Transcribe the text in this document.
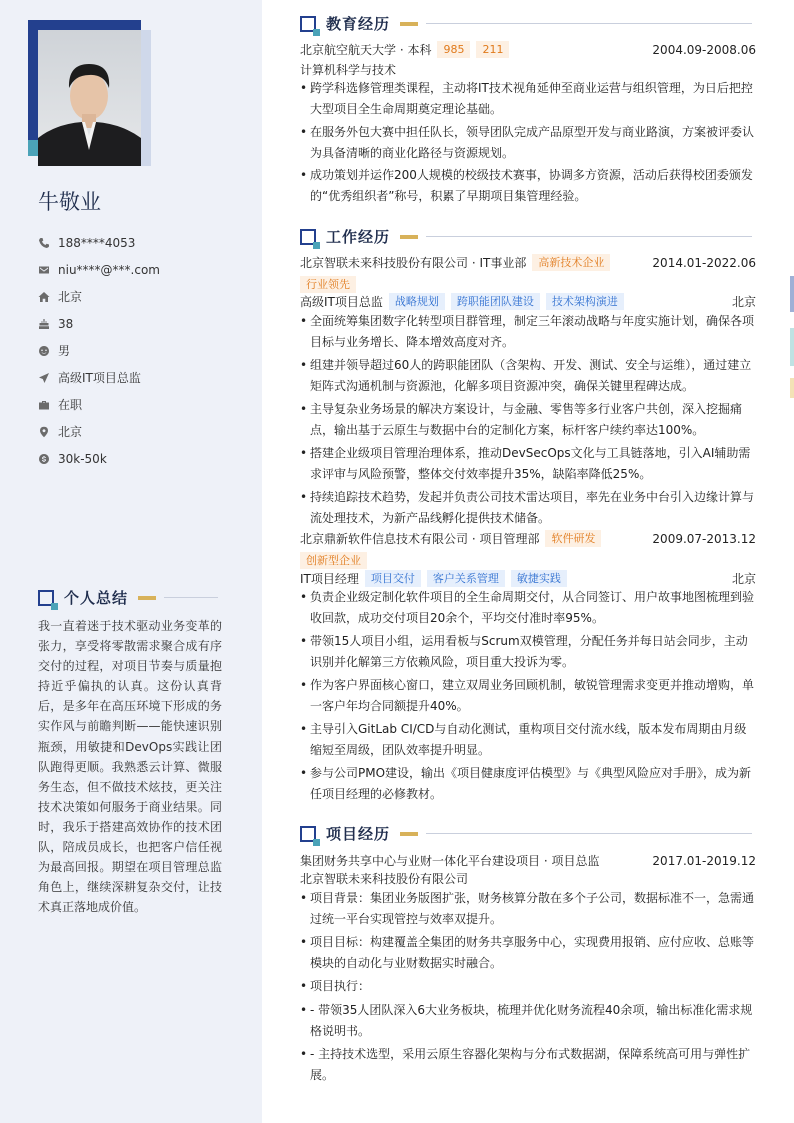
牛敬业
188****4053
niu****@***.com
北京
38
男
高级IT项目总监
在职
北京
30k-50k
个人总结
我一直着迷于技术驱动业务变革的张力，享受将零散需求聚合成有序交付的过程，对项目节奏与质量抱持近乎偏执的认真。这份认真背后，是多年在高压环境下形成的务实作风与前瞻判断——能快速识别瓶颈，用敏捷和DevOps实践让团队跑得更顺。我熟悉云计算、微服务生态，但不做技术炫技，更关注技术决策如何服务于商业结果。同时，我乐于搭建高效协作的技术团队，陪成员成长，也把客户信任视为最高回报。期望在项目管理总监角色上，继续深耕复杂交付，让技术真正落地成价值。
教育经历
北京航空航天大学 · 本科	985	211	2004.09-2008.06
计算机科学与技术
• 跨学科选修管理类课程，主动将IT技术视角延伸至商业运营与组织管理，为日后把控大型项目全生命周期奠定理论基础。
• 在服务外包大赛中担任队长，领导团队完成产品原型开发与商业路演，方案被评委认为具备清晰的商业化路径与资源规划。
• 成功策划并运作200人规模的校级技术赛事，协调多方资源，活动后获得校团委颁发的“优秀组织者”称号，积累了早期项目集管理经验。
工作经历
北京智联未来科技股份有限公司 · IT事业部	高新技术企业	2014.01-2022.06
行业领先
高级IT项目总监	战略规划	跨职能团队建设	技术架构演进	北京
• 全面统筹集团数字化转型项目群管理，制定三年滚动战略与年度实施计划，确保各项目标与业务增长、降本增效高度对齐。
• 组建并领导超过60人的跨职能团队（含架构、开发、测试、安全与运维），通过建立矩阵式沟通机制与资源池，化解多项目资源冲突，确保关键里程碑达成。
• 主导复杂业务场景的解决方案设计，与金融、零售等多行业客户共创，深入挖掘痛点，输出基于云原生与数据中台的定制化方案，标杆客户续约率达100%。
• 搭建企业级项目管理治理体系，推动DevSecOps文化与工具链落地，引入AI辅助需求评审与风险预警，整体交付效率提升35%，缺陷率降低25%。
• 持续追踪技术趋势，发起并负责公司技术雷达项目，率先在业务中台引入边缘计算与流处理技术，为新产品线孵化提供技术储备。
北京鼎新软件信息技术有限公司 · 项目管理部	软件研发	2009.07-2013.12
创新型企业
IT项目经理	项目交付	客户关系管理	敏捷实践	北京
• 负责企业级定制化软件项目的全生命周期交付，从合同签订、用户故事地图梳理到验收回款，成功交付项目20余个，平均交付准时率95%。
• 带领15人项目小组，运用看板与Scrum双模管理，分配任务并每日站会同步，主动识别并化解第三方依赖风险，项目重大投诉为零。
• 作为客户界面核心窗口，建立双周业务回顾机制，敏锐管理需求变更并推动增购，单一客户年均合同额提升40%。
• 主导引入GitLab CI/CD与自动化测试，重构项目交付流水线，版本发布周期由月级缩短至周级，团队效率提升明显。
• 参与公司PMO建设，输出《项目健康度评估模型》与《典型风险应对手册》，成为新任项目经理的必修教材。
项目经历
集团财务共享中心与业财一体化平台建设项目 · 项目总监	2017.01-2019.12
北京智联未来科技股份有限公司
• 项目背景：集团业务版图扩张，财务核算分散在多个子公司，数据标准不一，急需通过统一平台实现管控与效率双提升。
• 项目目标：构建覆盖全集团的财务共享服务中心，实现费用报销、应付应收、总账等模块的自动化与业财数据实时融合。
• 项目执行：
• - 带领35人团队深入6大业务板块，梳理并优化财务流程40余项，输出标准化需求规格说明书。
• - 主持技术选型，采用云原生容器化架构与分布式数据湖，保障系统高可用与弹性扩展。
